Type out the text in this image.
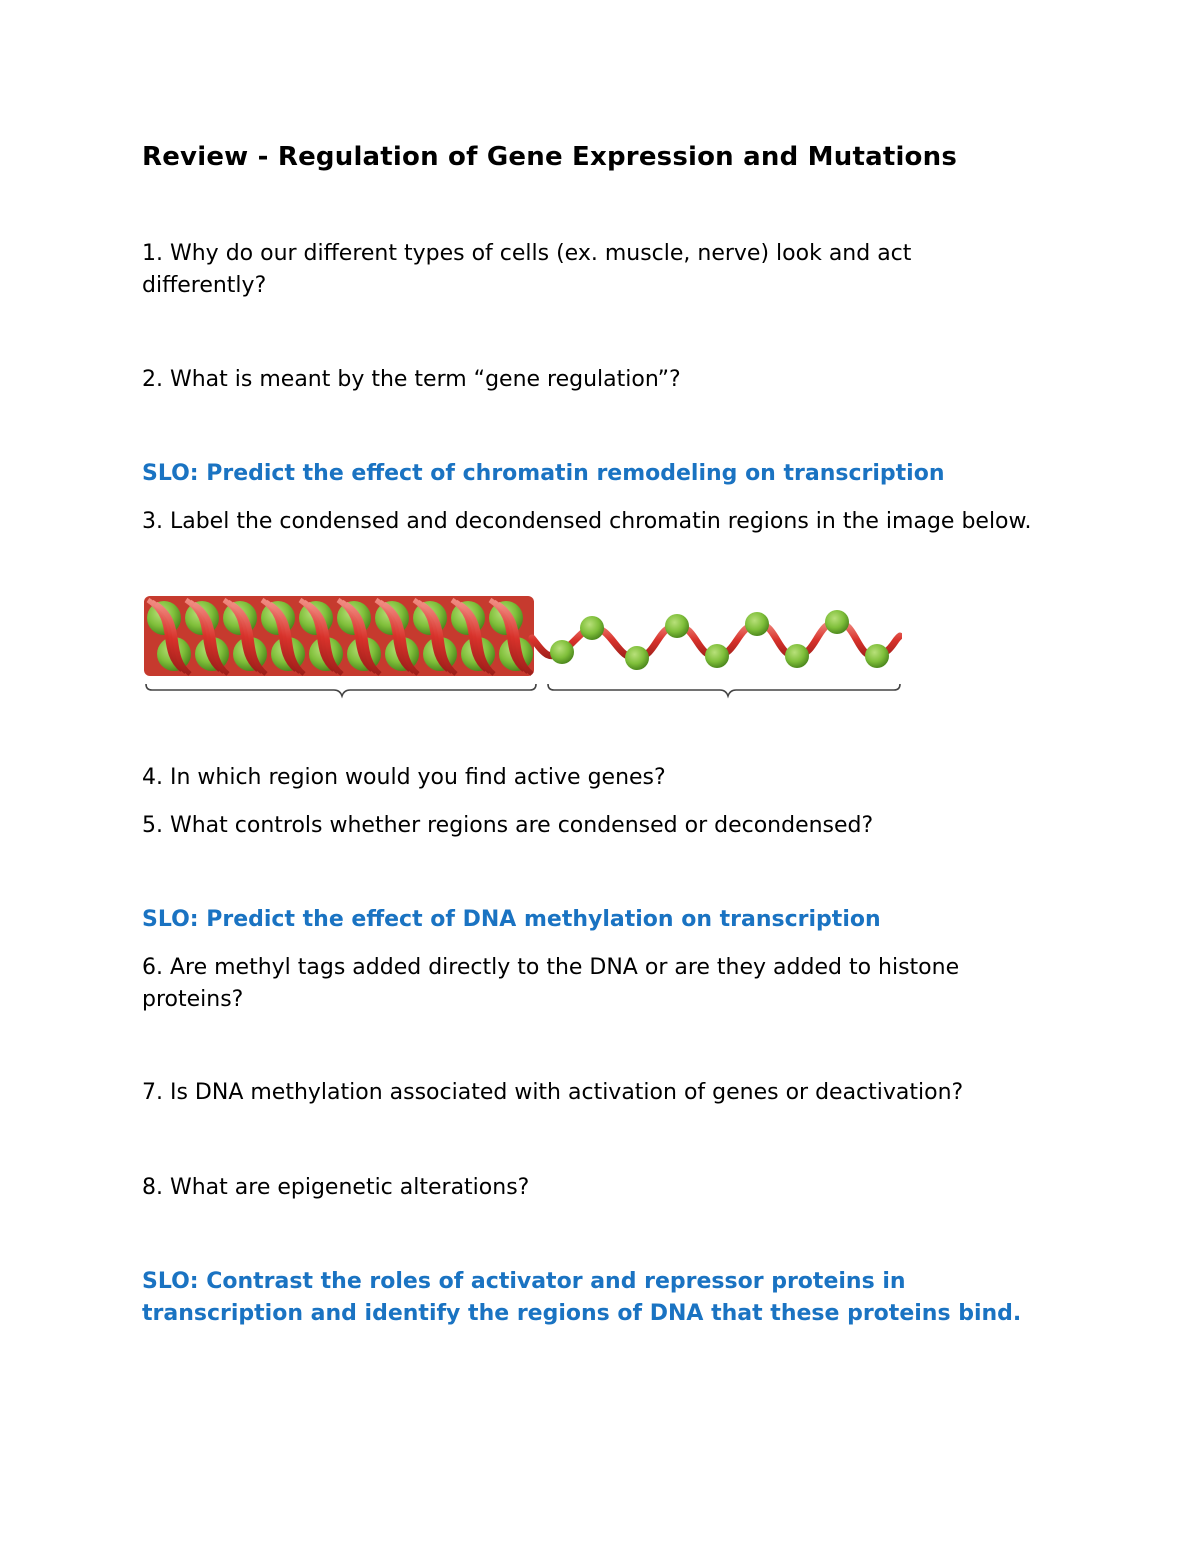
Review - Regulation of Gene Expression and Mutations

1. Why do our different types of cells (ex. muscle, nerve) look and act differently?

2. What is meant by the term “gene regulation”?

SLO: Predict the effect of chromatin remodeling on transcription

3. Label the condensed and decondensed chromatin regions in the image below.

4. In which region would you find active genes?

5. What controls whether regions are condensed or decondensed?

SLO: Predict the effect of DNA methylation on transcription

6. Are methyl tags added directly to the DNA or are they added to histone proteins?

7. Is DNA methylation associated with activation of genes or deactivation?

8. What are epigenetic alterations?

SLO: Contrast the roles of activator and repressor proteins in transcription and identify the regions of DNA that these proteins bind.
